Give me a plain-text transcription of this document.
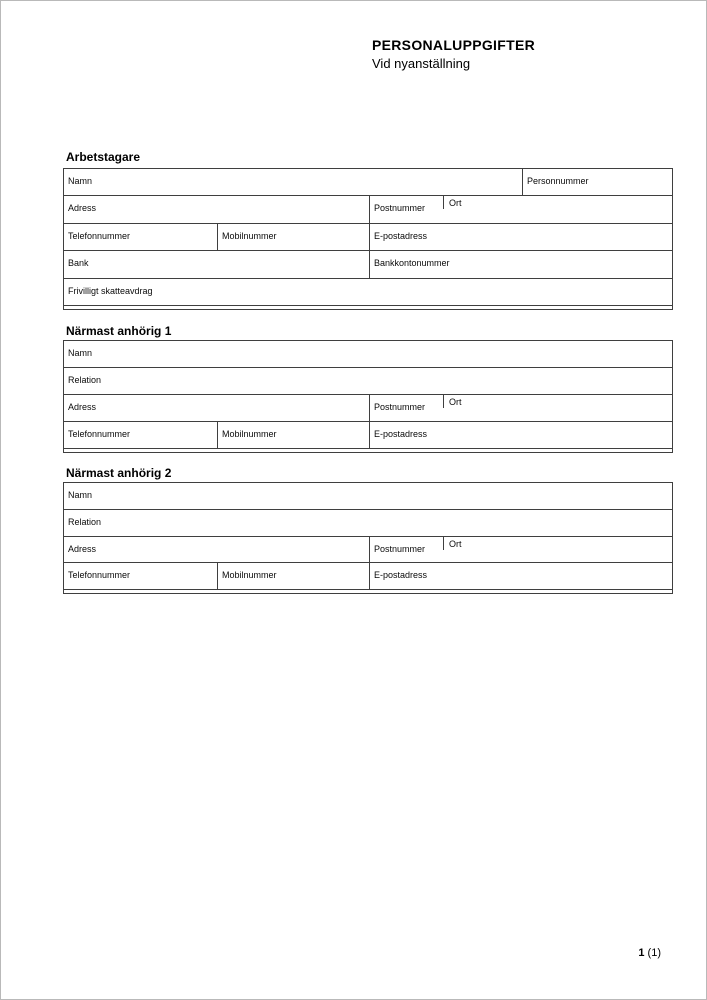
PERSONALUPPGIFTER
Vid nyanställning
Arbetstagare
Namn	Personnummer
Adress	Postnummer	Ort
Telefonnummer	Mobilnummer	E-postadress
Bank	Bankkontonummer
Frivilligt skatteavdrag
Närmast anhörig 1
Namn
Relation
Adress	Postnummer	Ort
Telefonnummer	Mobilnummer	E-postadress
Närmast anhörig 2
Namn
Relation
Adress	Postnummer	Ort
Telefonnummer	Mobilnummer	E-postadress
1 (1)
